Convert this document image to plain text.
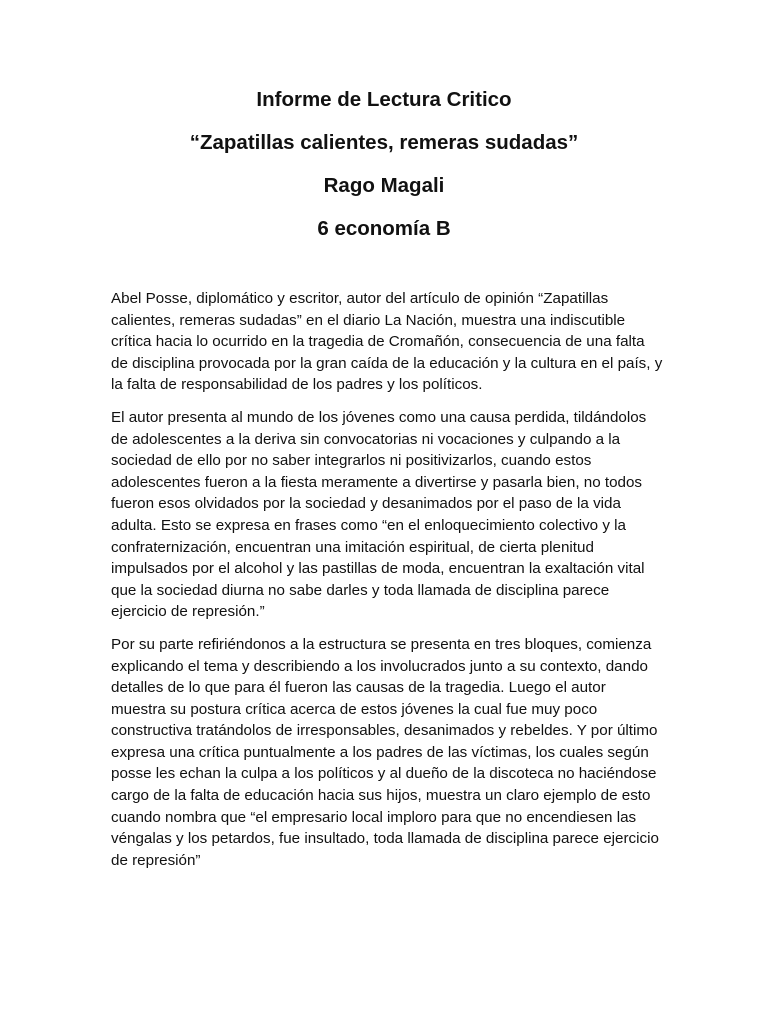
Informe de Lectura Critico
“Zapatillas calientes, remeras sudadas”
Rago Magali
6 economía B

Abel Posse, diplomático y escritor, autor del artículo de opinión “Zapatillas calientes, remeras sudadas” en el diario La Nación, muestra una indiscutible crítica hacia lo ocurrido en la tragedia de Cromañón, consecuencia de una falta de disciplina provocada por la gran caída de la educación y la cultura en el país, y la falta de responsabilidad de los padres y los políticos.

El autor presenta al mundo de los jóvenes como una causa perdida, tildándolos de adolescentes a la deriva sin convocatorias ni vocaciones y culpando a la sociedad de ello por no saber integrarlos ni positivizarlos, cuando estos adolescentes fueron a la fiesta meramente a divertirse y pasarla bien, no todos fueron esos olvidados por la sociedad y desanimados por el paso de la vida adulta. Esto se expresa en frases como “en el enloquecimiento colectivo y la confraternización, encuentran una imitación espiritual, de cierta plenitud impulsados por el alcohol y las pastillas de moda, encuentran la exaltación vital que la sociedad diurna no sabe darles y toda llamada de disciplina parece ejercicio de represión.”

Por su parte refiriéndonos a la estructura se presenta en tres bloques, comienza explicando el tema y describiendo a los involucrados junto a su contexto, dando detalles de lo que para él fueron las causas de la tragedia. Luego el autor muestra su postura crítica acerca de estos jóvenes la cual fue muy poco constructiva tratándolos de irresponsables, desanimados y rebeldes. Y por último expresa una crítica puntualmente a los padres de las víctimas, los cuales según posse les echan la culpa a los políticos y al dueño de la discoteca no haciéndose cargo de la falta de educación hacia sus hijos, muestra un claro ejemplo de esto cuando nombra que “el empresario local imploro para que no encendiesen las véngalas y los petardos, fue insultado, toda llamada de disciplina parece ejercicio de represión”
